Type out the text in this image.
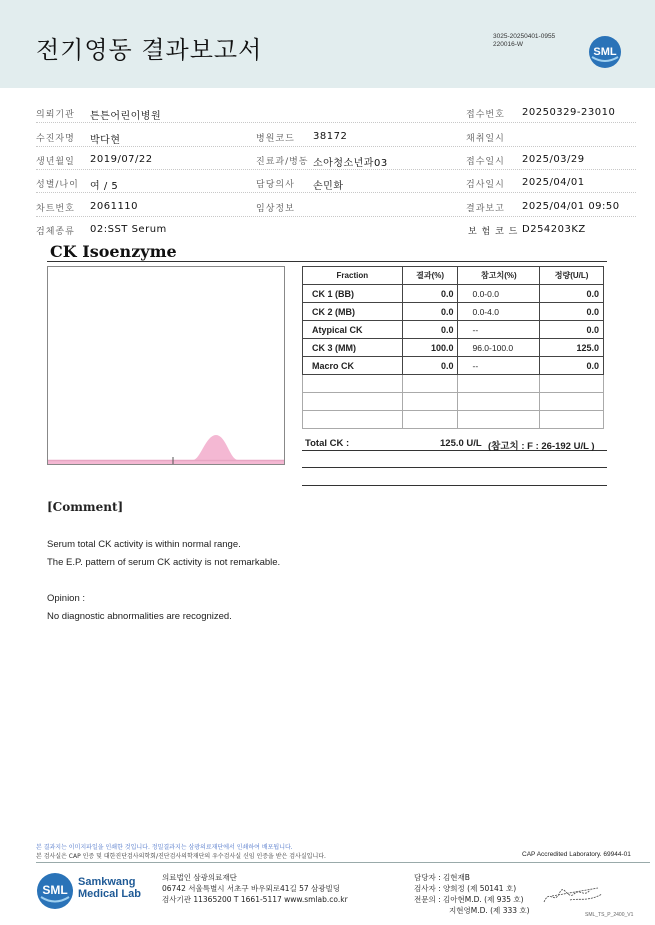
전기영동 결과보고서	3025-20250401-0955
220016-W
SML
의뢰기관 튼튼어린이병원	접수번호 20250329-23010
수진자명 박다현	병원코드 38172	채취일시
생년월일 2019/07/22	진료과/병동 소아청소년과03	접수일시 2025/03/29
성별/나이 여 / 5	담당의사 손민화	검사일시 2025/04/01
차트번호 2061110	임상정보	결과보고 2025/04/01 09:50
검체종류 02:SST Serum	보 험 코 드 D254203KZ
CK Isoenzyme
Fraction	결과(%)	참고치(%)	정량(U/L)
CK 1 (BB)	0.0	0.0-0.0	0.0
CK 2 (MB)	0.0	0.0-4.0	0.0
Atypical CK	0.0	--	0.0
CK 3 (MM)	100.0	96.0-100.0	125.0
Macro CK	0.0	--	0.0

Total CK :	125.0 U/L (참고치 : F : 26-192 U/L )
[Comment]
Serum total CK activity is within normal range.
The E.P. pattern of serum CK activity is not remarkable.
Opinion :
No diagnostic abnormalities are recognized.
본 결과지는 이미지파일을 인쇄한 것입니다. 정밀결과지는 삼광의료재단에서 인쇄하여 배포됩니다.
본 검사실은 CAP 인증 및 대한진단검사의학회/진단검사의학재단의 우수검사실 신임 인증을 받은 검사실입니다.	CAP Accredited Laboratory. 69944-01
SML
Samkwang
Medical Lab
의료법인 삼광의료재단
06742 서울특별시 서초구 바우뫼로41길 57 삼광빌딩
검사기관 11365200 T 1661-5117 www.smlab.co.kr
담당자 : 김현재B
검사자 : 양희정 (제 50141 호)
전문의 : 김아현M.D. (제 935 호)
지현영M.D. (제 333 호)	SML_TS_P_2400_V1
